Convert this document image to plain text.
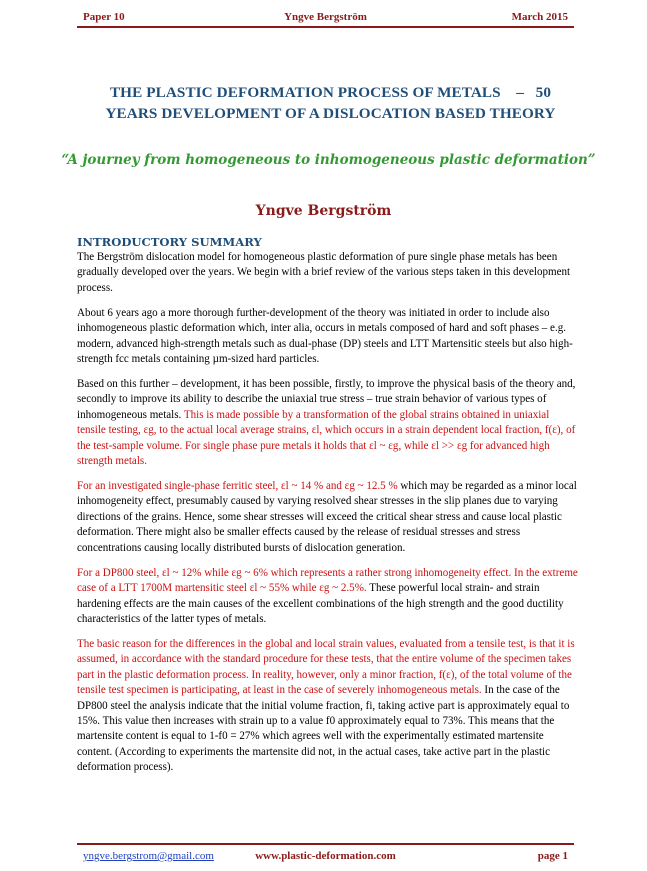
Paper 10	Yngve Bergström	March 2015
THE PLASTIC DEFORMATION PROCESS OF METALS    –   50
YEARS DEVELOPMENT OF A DISLOCATION BASED THEORY
“A journey from homogeneous to inhomogeneous plastic deformation”
Yngve Bergström
INTRODUCTORY SUMMARY

The Bergström dislocation model for homogeneous plastic deformation of pure single phase metals has been gradually developed over the years. We begin with a brief review of the various steps taken in this development process.

About 6 years ago a more thorough further-development of the theory was initiated in order to include also inhomogeneous plastic deformation which, inter alia, occurs in metals composed of hard and soft phases – e.g. modern, advanced high-strength metals such as dual-phase (DP) steels and LTT Martensitic steels but also high-strength fcc metals containing µm-sized hard particles.

Based on this further – development, it has been possible, firstly, to improve the physical basis of the theory and, secondly to improve its ability to describe the uniaxial true stress – true strain behavior of various types of inhomogeneous metals. This is made possible by a transformation of the global strains obtained in uniaxial tensile testing, εg, to the actual local average strains, εl, which occurs in a strain dependent local fraction, f(ε), of the test-sample volume. For single phase pure metals it holds that εl ~ εg, while εl >> εg for advanced high strength metals.

For an investigated single-phase ferritic steel, εl ~ 14 % and εg ~ 12.5 % which may be regarded as a minor local inhomogeneity effect, presumably caused by varying resolved shear stresses in the slip planes due to varying directions of the grains. Hence, some shear stresses will exceed the critical shear stress and cause local plastic deformation. There might also be smaller effects caused by the release of residual stresses and stress concentrations causing locally distributed bursts of dislocation generation.

For a DP800 steel, εl ~ 12% while εg ~ 6% which represents a rather strong inhomogeneity effect. In the extreme case of a LTT 1700M martensitic steel εl ~ 55% while εg ~ 2.5%. These powerful local strain- and strain hardening effects are the main causes of the excellent combinations of the high strength and the good ductility characteristics of the latter types of metals.

The basic reason for the differences in the global and local strain values, evaluated from a tensile test, is that it is assumed, in accordance with the standard procedure for these tests, that the entire volume of the specimen takes part in the plastic deformation process. In reality, however, only a minor fraction, f(ε), of the total volume of the tensile test specimen is participating, at least in the case of severely inhomogeneous metals. In the case of the DP800 steel the analysis indicate that the initial volume fraction, fi, taking active part is approximately equal to 15%. This value then increases with strain up to a value f0 approximately equal to 73%. This means that the martensite content is equal to 1-f0 = 27% which agrees well with the experimentally estimated martensite content. (According to experiments the martensite did not, in the actual cases, take active part in the plastic deformation process).

yngve.bergstrom@gmail.com	www.plastic-deformation.com	page 1
